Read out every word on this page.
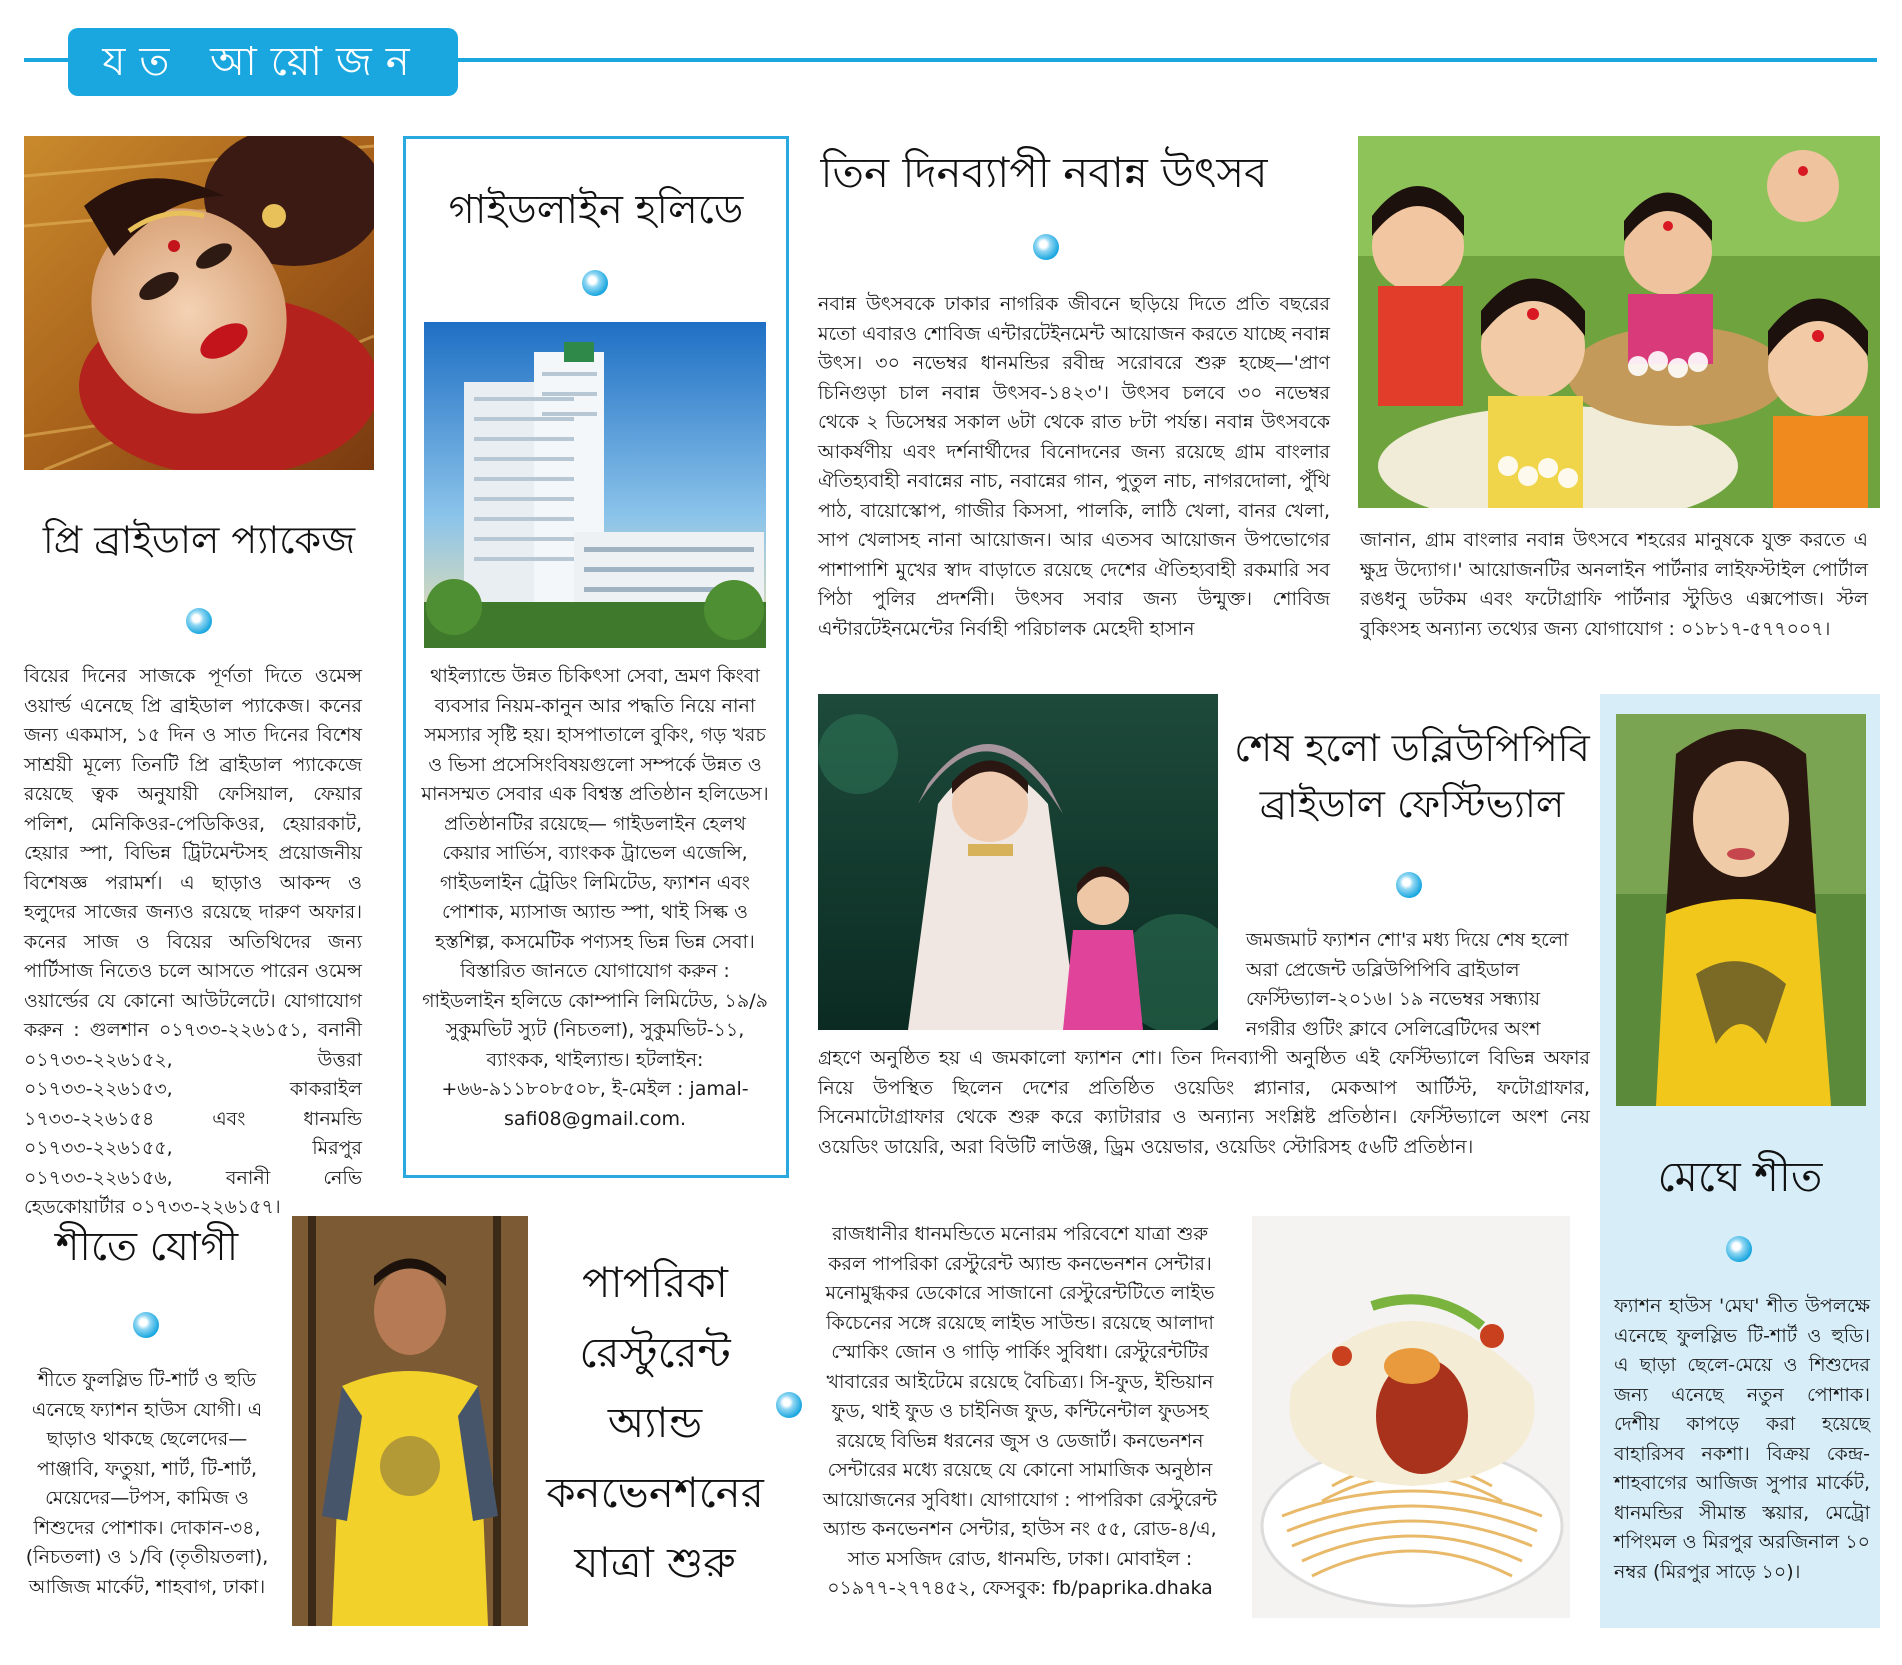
যত আয়োজন
প্রি ব্রাইডাল প্যাকেজ
বিয়ের দিনের সাজকে পূর্ণতা দিতে ওমেন্স ওয়ার্ল্ড এনেছে প্রি ব্রাইডাল প্যাকেজ। কনের জন্য একমাস, ১৫ দিন ও সাত দিনের বিশেষ সাশ্রয়ী মূল্যে তিনটি প্রি ব্রাইডাল প্যাকেজে রয়েছে ত্বক অনুযায়ী ফেসিয়াল, ফেয়ার পলিশ, মেনিকিওর-পেডিকিওর, হেয়ারকাট, হেয়ার স্পা, বিভিন্ন ট্রিটমেন্টসহ প্রয়োজনীয় বিশেষজ্ঞ পরামর্শ। এ ছাড়াও আকন্দ ও হলুদের সাজের জন্যও রয়েছে দারুণ অফার। কনের সাজ ও বিয়ের অতিথিদের জন্য পার্টিসাজ নিতেও চলে আসতে পারেন ওমেন্স ওয়ার্ল্ডের যে কোনো আউটলেটে। যোগাযোগ করুন : গুলশান ০১৭৩৩-২২৬১৫১, বনানী ০১৭৩৩-২২৬১৫২, উত্তরা ০১৭৩৩-২২৬১৫৩, কাকরাইল ১৭৩৩-২২৬১৫৪ এবং ধানমন্ডি ০১৭৩৩-২২৬১৫৫, মিরপুর ০১৭৩৩-২২৬১৫৬, বনানী নেভি হেডকোয়ার্টার ০১৭৩৩-২২৬১৫৭।
গাইডলাইন হলিডে
থাইল্যান্ডে উন্নত চিকিৎসা সেবা, ভ্রমণ কিংবা ব্যবসার নিয়ম-কানুন আর পদ্ধতি নিয়ে নানা সমস্যার সৃষ্টি হয়। হাসপাতালে বুকিং, গড় খরচ ও ভিসা প্রসেসিংবিষয়গুলো সম্পর্কে উন্নত ও মানসম্মত সেবার এক বিশ্বস্ত প্রতিষ্ঠান হলিডেস। প্রতিষ্ঠানটির রয়েছে— গাইডলাইন হেলথ কেয়ার সার্ভিস, ব্যাংকক ট্রাভেল এজেন্সি, গাইডলাইন ট্রেডিং লিমিটেড, ফ্যাশন এবং পোশাক, ম্যাসাজ অ্যান্ড স্পা, থাই সিল্ক ও হস্তশিল্প, কসমেটিক পণ্যসহ ভিন্ন ভিন্ন সেবা। বিস্তারিত জানতে যোগাযোগ করুন : গাইডলাইন হলিডে কোম্পানি লিমিটেড, ১৯/৯ সুকুমভিট স্যুট (নিচতলা), সুকুমভিট-১১, ব্যাংকক, থাইল্যান্ড। হটলাইন: +৬৬-৯১১৮০৮৫০৮, ই-মেইল : jamal-safi08@gmail.com.
তিন দিনব্যাপী নবান্ন উৎসব
নবান্ন উৎসবকে ঢাকার নাগরিক জীবনে ছড়িয়ে দিতে প্রতি বছরের মতো এবারও শোবিজ এন্টারটেইনমেন্ট আয়োজন করতে যাচ্ছে নবান্ন উৎস। ৩০ নভেম্বর ধানমন্ডির রবীন্দ্র সরোবরে শুরু হচ্ছে—'প্রাণ চিনিগুড়া চাল নবান্ন উৎসব-১৪২৩'। উৎসব চলবে ৩০ নভেম্বর থেকে ২ ডিসেম্বর সকাল ৬টা থেকে রাত ৮টা পর্যন্ত। নবান্ন উৎসবকে আকর্ষণীয় এবং দর্শনার্থীদের বিনোদনের জন্য রয়েছে গ্রাম বাংলার ঐতিহ্যবাহী নবান্নের নাচ, নবান্নের গান, পুতুল নাচ, নাগরদোলা, পুঁথি পাঠ, বায়োস্কোপ, গাজীর কিসসা, পালকি, লাঠি খেলা, বানর খেলা, সাপ খেলাসহ নানা আয়োজন। আর এতসব আয়োজন উপভোগের পাশাপাশি মুখের স্বাদ বাড়াতে রয়েছে দেশের ঐতিহ্যবাহী রকমারি সব পিঠা পুলির প্রদর্শনী। উৎসব সবার জন্য উন্মুক্ত। শোবিজ এন্টারটেইনমেন্টের নির্বাহী পরিচালক মেহেদী হাসান
জানান, গ্রাম বাংলার নবান্ন উৎসবে শহরের মানুষকে যুক্ত করতে এ ক্ষুদ্র উদ্যোগ।' আয়োজনটির অনলাইন পার্টনার লাইফস্টাইল পোর্টাল রঙধনু ডটকম এবং ফটোগ্রাফি পার্টনার স্টুডিও এক্সপোজ। স্টল বুকিংসহ অন্যান্য তথ্যের জন্য যোগাযোগ : ০১৮১৭-৫৭৭০০৭।
শেষ হলো ডব্লিউপিপিবি
ব্রাইডাল ফেস্টিভ্যাল
জমজমাট ফ্যাশন শো'র মধ্য দিয়ে শেষ হলো অরা প্রেজেন্ট ডব্লিউপিপিবি ব্রাইডাল ফেস্টিভ্যাল-২০১৬। ১৯ নভেম্বর সন্ধ্যায় নগরীর গুটিং ক্লাবে সেলিব্রেটিদের অংশ
গ্রহণে অনুষ্ঠিত হয় এ জমকালো ফ্যাশন শো। তিন দিনব্যাপী অনুষ্ঠিত এই ফেস্টিভ্যালে বিভিন্ন অফার নিয়ে উপস্থিত ছিলেন দেশের প্রতিষ্ঠিত ওয়েডিং প্ল্যানার, মেকআপ আর্টিস্ট, ফটোগ্রাফার, সিনেমাটোগ্রাফার থেকে শুরু করে ক্যাটারার ও অন্যান্য সংশ্লিষ্ট প্রতিষ্ঠান। ফেস্টিভ্যালে অংশ নেয় ওয়েডিং ডায়েরি, অরা বিউটি লাউঞ্জ, ড্রিম ওয়েভার, ওয়েডিং স্টোরিসহ ৫৬টি প্রতিষ্ঠান।
মেঘে শীত
ফ্যাশন হাউস 'মেঘ' শীত উপলক্ষে এনেছে ফুলস্লিভ টি-শার্ট ও হুডি। এ ছাড়া ছেলে-মেয়ে ও শিশুদের জন্য এনেছে নতুন পোশাক। দেশীয় কাপড়ে করা হয়েছে বাহারিসব নকশা। বিক্রয় কেন্দ্র- শাহবাগের আজিজ সুপার মার্কেট, ধানমন্ডির সীমান্ত স্কয়ার, মেট্রো শপিংমল ও মিরপুর অরজিনাল ১০ নম্বর (মিরপুর সাড়ে ১০)।
শীতে যোগী
শীতে ফুলস্লিভ টি-শার্ট ও হুডি এনেছে ফ্যাশন হাউস যোগী। এ ছাড়াও থাকছে ছেলেদের— পাঞ্জাবি, ফতুয়া, শার্ট, টি-শার্ট, মেয়েদের—টপস, কামিজ ও শিশুদের পোশাক। দোকান-৩৪, (নিচতলা) ও ১/বি (তৃতীয়তলা), আজিজ মার্কেট, শাহবাগ, ঢাকা।
পাপরিকা
রেস্টুরেন্ট
অ্যান্ড
কনভেনশনের
যাত্রা শুরু
রাজধানীর ধানমন্ডিতে মনোরম পরিবেশে যাত্রা শুরু করল পাপরিকা রেস্টুরেন্ট অ্যান্ড কনভেনশন সেন্টার। মনোমুগ্ধকর ডেকোরে সাজানো রেস্টুরেন্টটিতে লাইভ কিচেনের সঙ্গে রয়েছে লাইভ সাউন্ড। রয়েছে আলাদা স্মোকিং জোন ও গাড়ি পার্কিং সুবিধা। রেস্টুরেন্টটির খাবারের আইটেমে রয়েছে বৈচিত্র্য। সি-ফুড, ইন্ডিয়ান ফুড, থাই ফুড ও চাইনিজ ফুড, কন্টিনেন্টাল ফুডসহ রয়েছে বিভিন্ন ধরনের জুস ও ডেজার্ট। কনভেনশন সেন্টারের মধ্যে রয়েছে যে কোনো সামাজিক অনুষ্ঠান আয়োজনের সুবিধা। যোগাযোগ : পাপরিকা রেস্টুরেন্ট অ্যান্ড কনভেনশন সেন্টার, হাউস নং ৫৫, রোড-৪/এ, সাত মসজিদ রোড, ধানমন্ডি, ঢাকা। মোবাইল : ০১৯৭৭-২৭৭৪৫২, ফেসবুক: fb/paprika.dhaka
